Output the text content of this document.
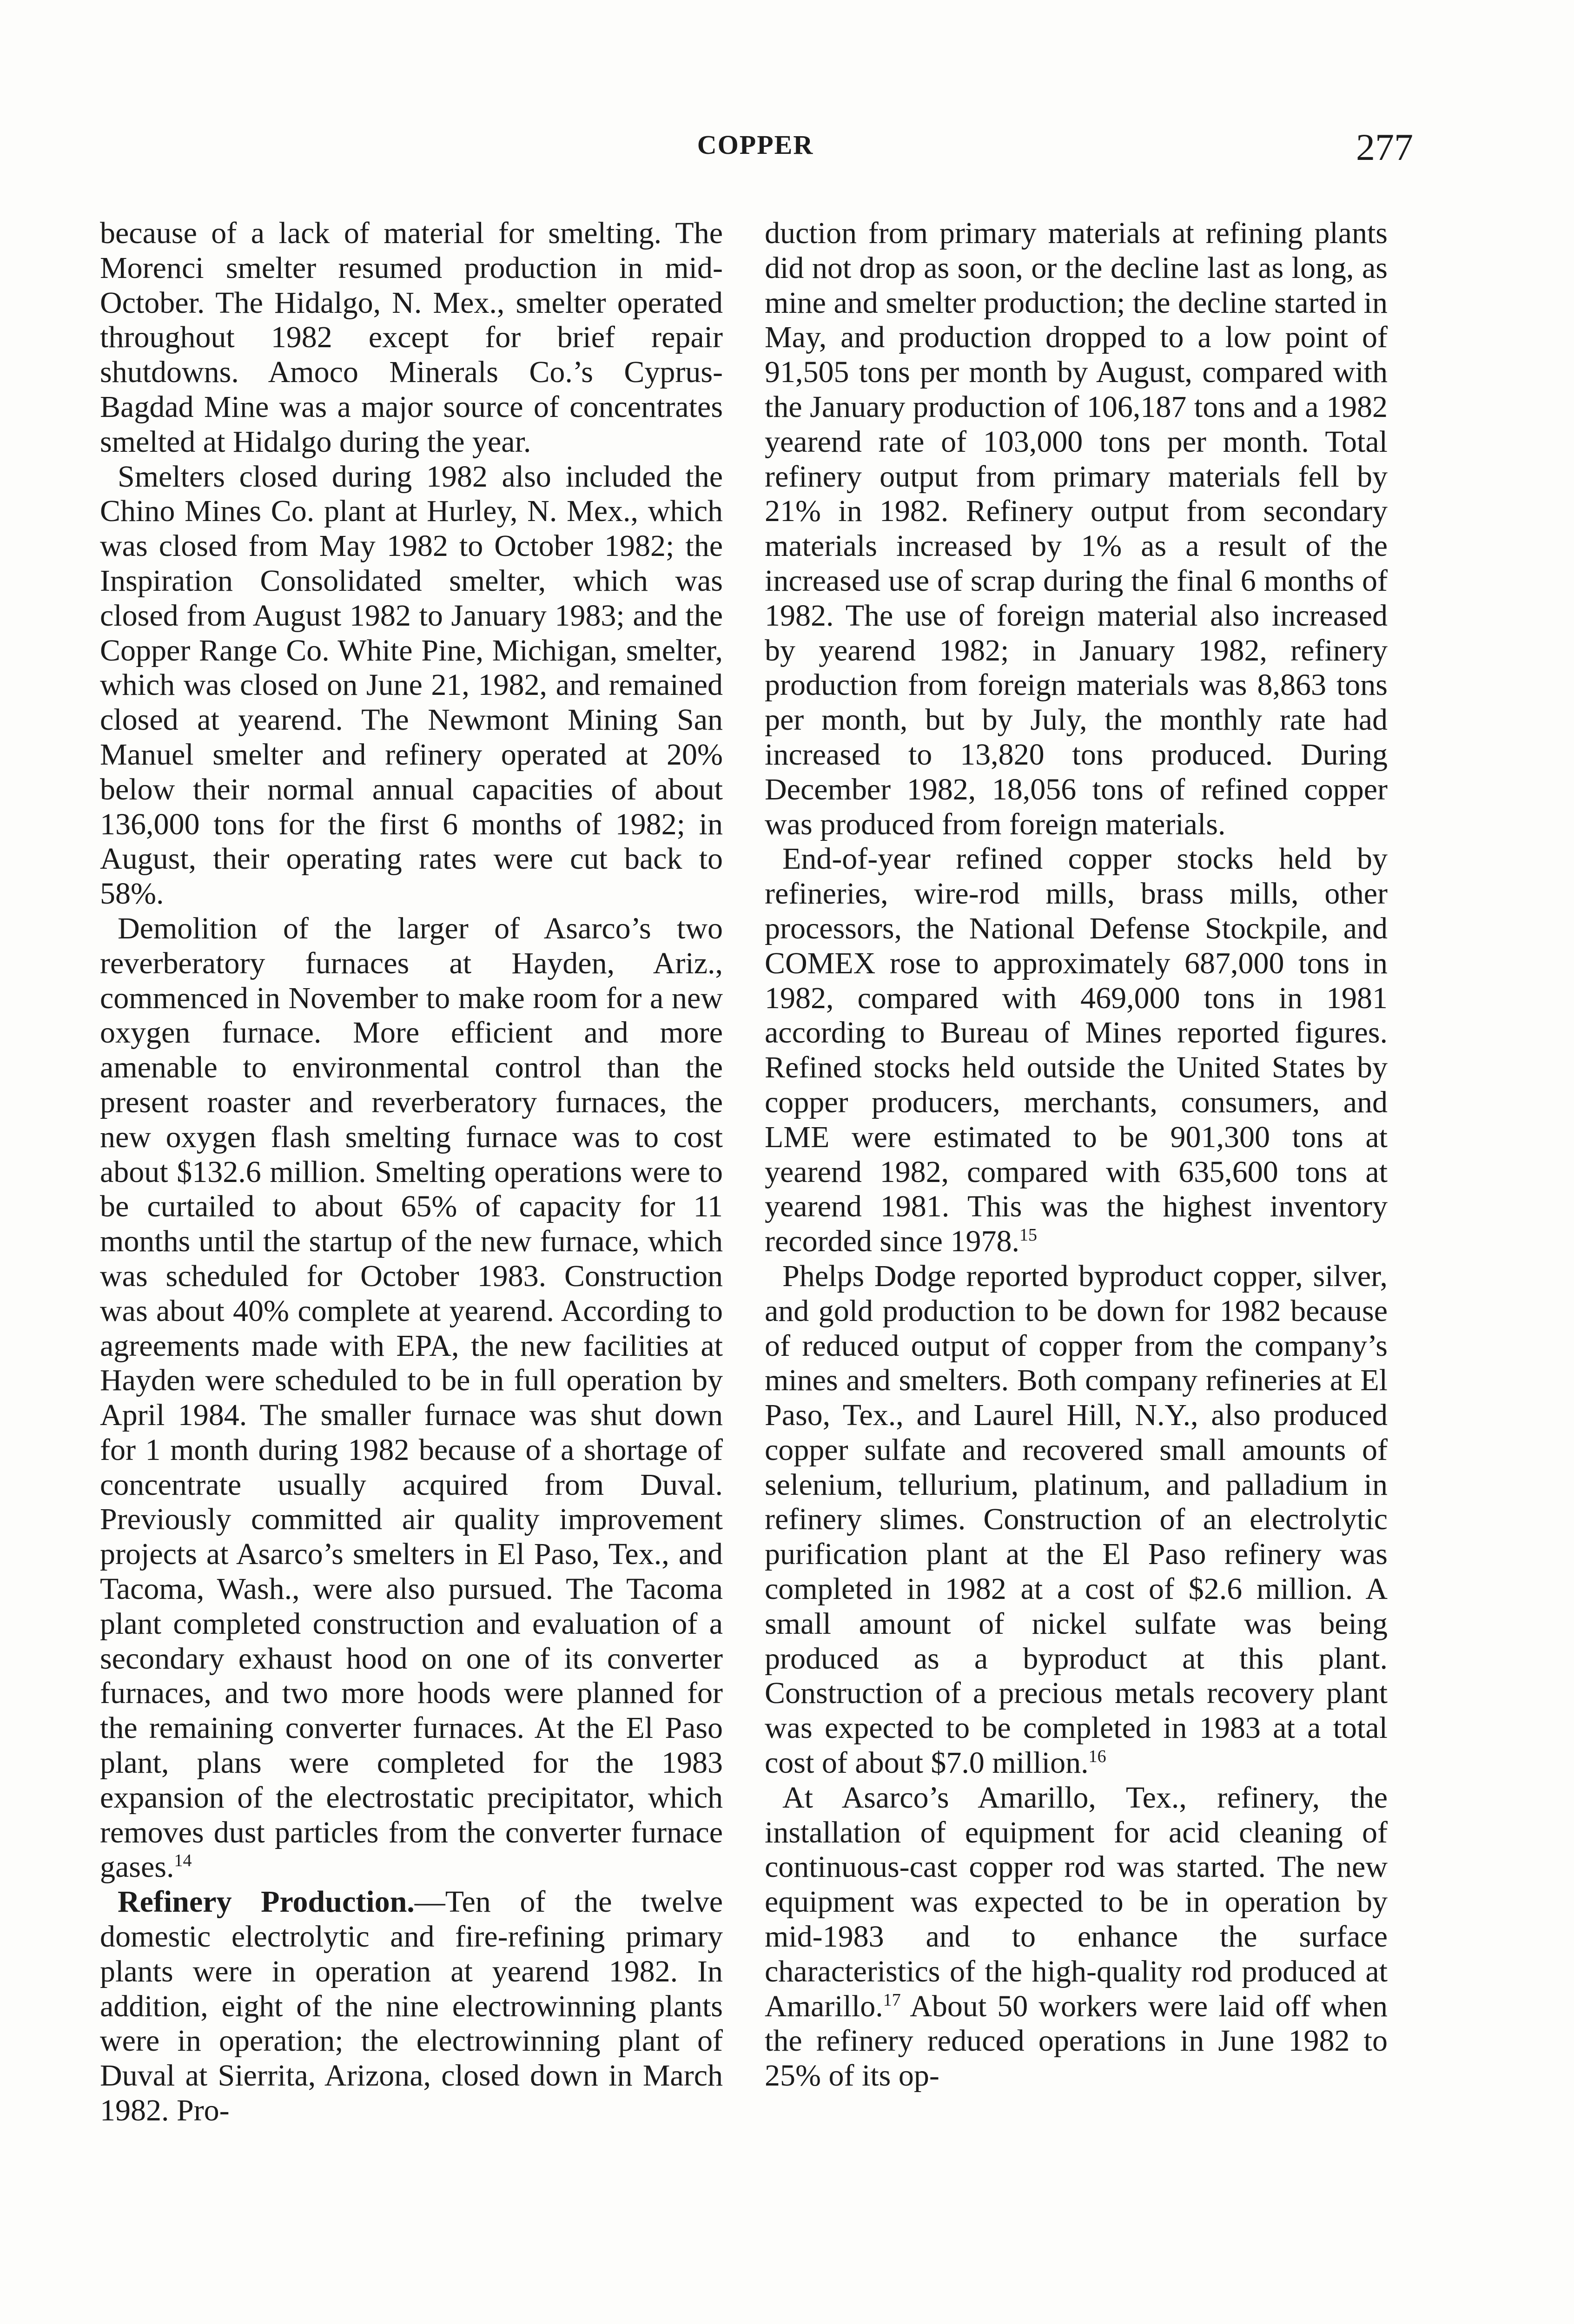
COPPER	277

because of a lack of material for smelting. The Morenci smelter resumed production in mid-October. The Hidalgo, N. Mex., smelter operated throughout 1982 except for brief repair shutdowns. Amoco Minerals Co.’s Cyprus-Bagdad Mine was a major source of concentrates smelted at Hidalgo during the year.

Smelters closed during 1982 also included the Chino Mines Co. plant at Hurley, N. Mex., which was closed from May 1982 to October 1982; the Inspiration Consolidated smelter, which was closed from August 1982 to January 1983; and the Copper Range Co. White Pine, Michigan, smelter, which was closed on June 21, 1982, and remained closed at yearend. The Newmont Mining San Manuel smelter and refinery operated at 20% below their normal annual capacities of about 136,000 tons for the first 6 months of 1982; in August, their operating rates were cut back to 58%.

Demolition of the larger of Asarco’s two reverberatory furnaces at Hayden, Ariz., commenced in November to make room for a new oxygen furnace. More efficient and more amenable to environmental control than the present roaster and reverberatory furnaces, the new oxygen flash smelting furnace was to cost about $132.6 million. Smelting operations were to be curtailed to about 65% of capacity for 11 months until the startup of the new furnace, which was scheduled for October 1983. Construction was about 40% complete at yearend. According to agreements made with EPA, the new facilities at Hayden were scheduled to be in full operation by April 1984. The smaller furnace was shut down for 1 month during 1982 because of a shortage of concentrate usually acquired from Duval. Previously committed air quality improvement projects at Asarco’s smelters in El Paso, Tex., and Tacoma, Wash., were also pursued. The Tacoma plant completed construction and evaluation of a secondary exhaust hood on one of its converter furnaces, and two more hoods were planned for the remaining converter furnaces. At the El Paso plant, plans were completed for the 1983 expansion of the electrostatic precipitator, which removes dust particles from the converter furnace gases.$^{14}$

Refinery Production.—Ten of the twelve domestic electrolytic and fire-refining primary plants were in operation at yearend 1982. In addition, eight of the nine electrowinning plants were in operation; the electrowinning plant of Duval at Sierrita, Arizona, closed down in March 1982. Pro-

duction from primary materials at refining plants did not drop as soon, or the decline last as long, as mine and smelter production; the decline started in May, and production dropped to a low point of 91,505 tons per month by August, compared with the January production of 106,187 tons and a 1982 yearend rate of 103,000 tons per month. Total refinery output from primary materials fell by 21% in 1982. Refinery output from secondary materials increased by 1% as a result of the increased use of scrap during the final 6 months of 1982. The use of foreign material also increased by yearend 1982; in January 1982, refinery production from foreign materials was 8,863 tons per month, but by July, the monthly rate had increased to 13,820 tons produced. During December 1982, 18,056 tons of refined copper was produced from foreign materials.

End-of-year refined copper stocks held by refineries, wire-rod mills, brass mills, other processors, the National Defense Stockpile, and COMEX rose to approximately 687,000 tons in 1982, compared with 469,000 tons in 1981 according to Bureau of Mines reported figures. Refined stocks held outside the United States by copper producers, merchants, consumers, and LME were estimated to be 901,300 tons at yearend 1982, compared with 635,600 tons at yearend 1981. This was the highest inventory recorded since 1978.15

Phelps Dodge reported byproduct copper, silver, and gold production to be down for 1982 because of reduced output of copper from the company’s mines and smelters. Both company refineries at El Paso, Tex., and Laurel Hill, N.Y., also produced copper sulfate and recovered small amounts of selenium, tellurium, platinum, and palladium in refinery slimes. Construction of an electrolytic purification plant at the El Paso refinery was completed in 1982 at a cost of $2.6 million. A small amount of nickel sulfate was being produced as a byproduct at this plant. Construction of a precious metals recovery plant was expected to be completed in 1983 at a total cost of about $7.0 million.$^{16}$

At Asarco’s Amarillo, Tex., refinery, the installation of equipment for acid cleaning of continuous-cast copper rod was started. The new equipment was expected to be in operation by mid-1983 and to enhance the surface characteristics of the high-quality rod produced at Amarillo.$^{17}$ About 50 workers were laid off when the refinery reduced operations in June 1982 to 25% of its op-
